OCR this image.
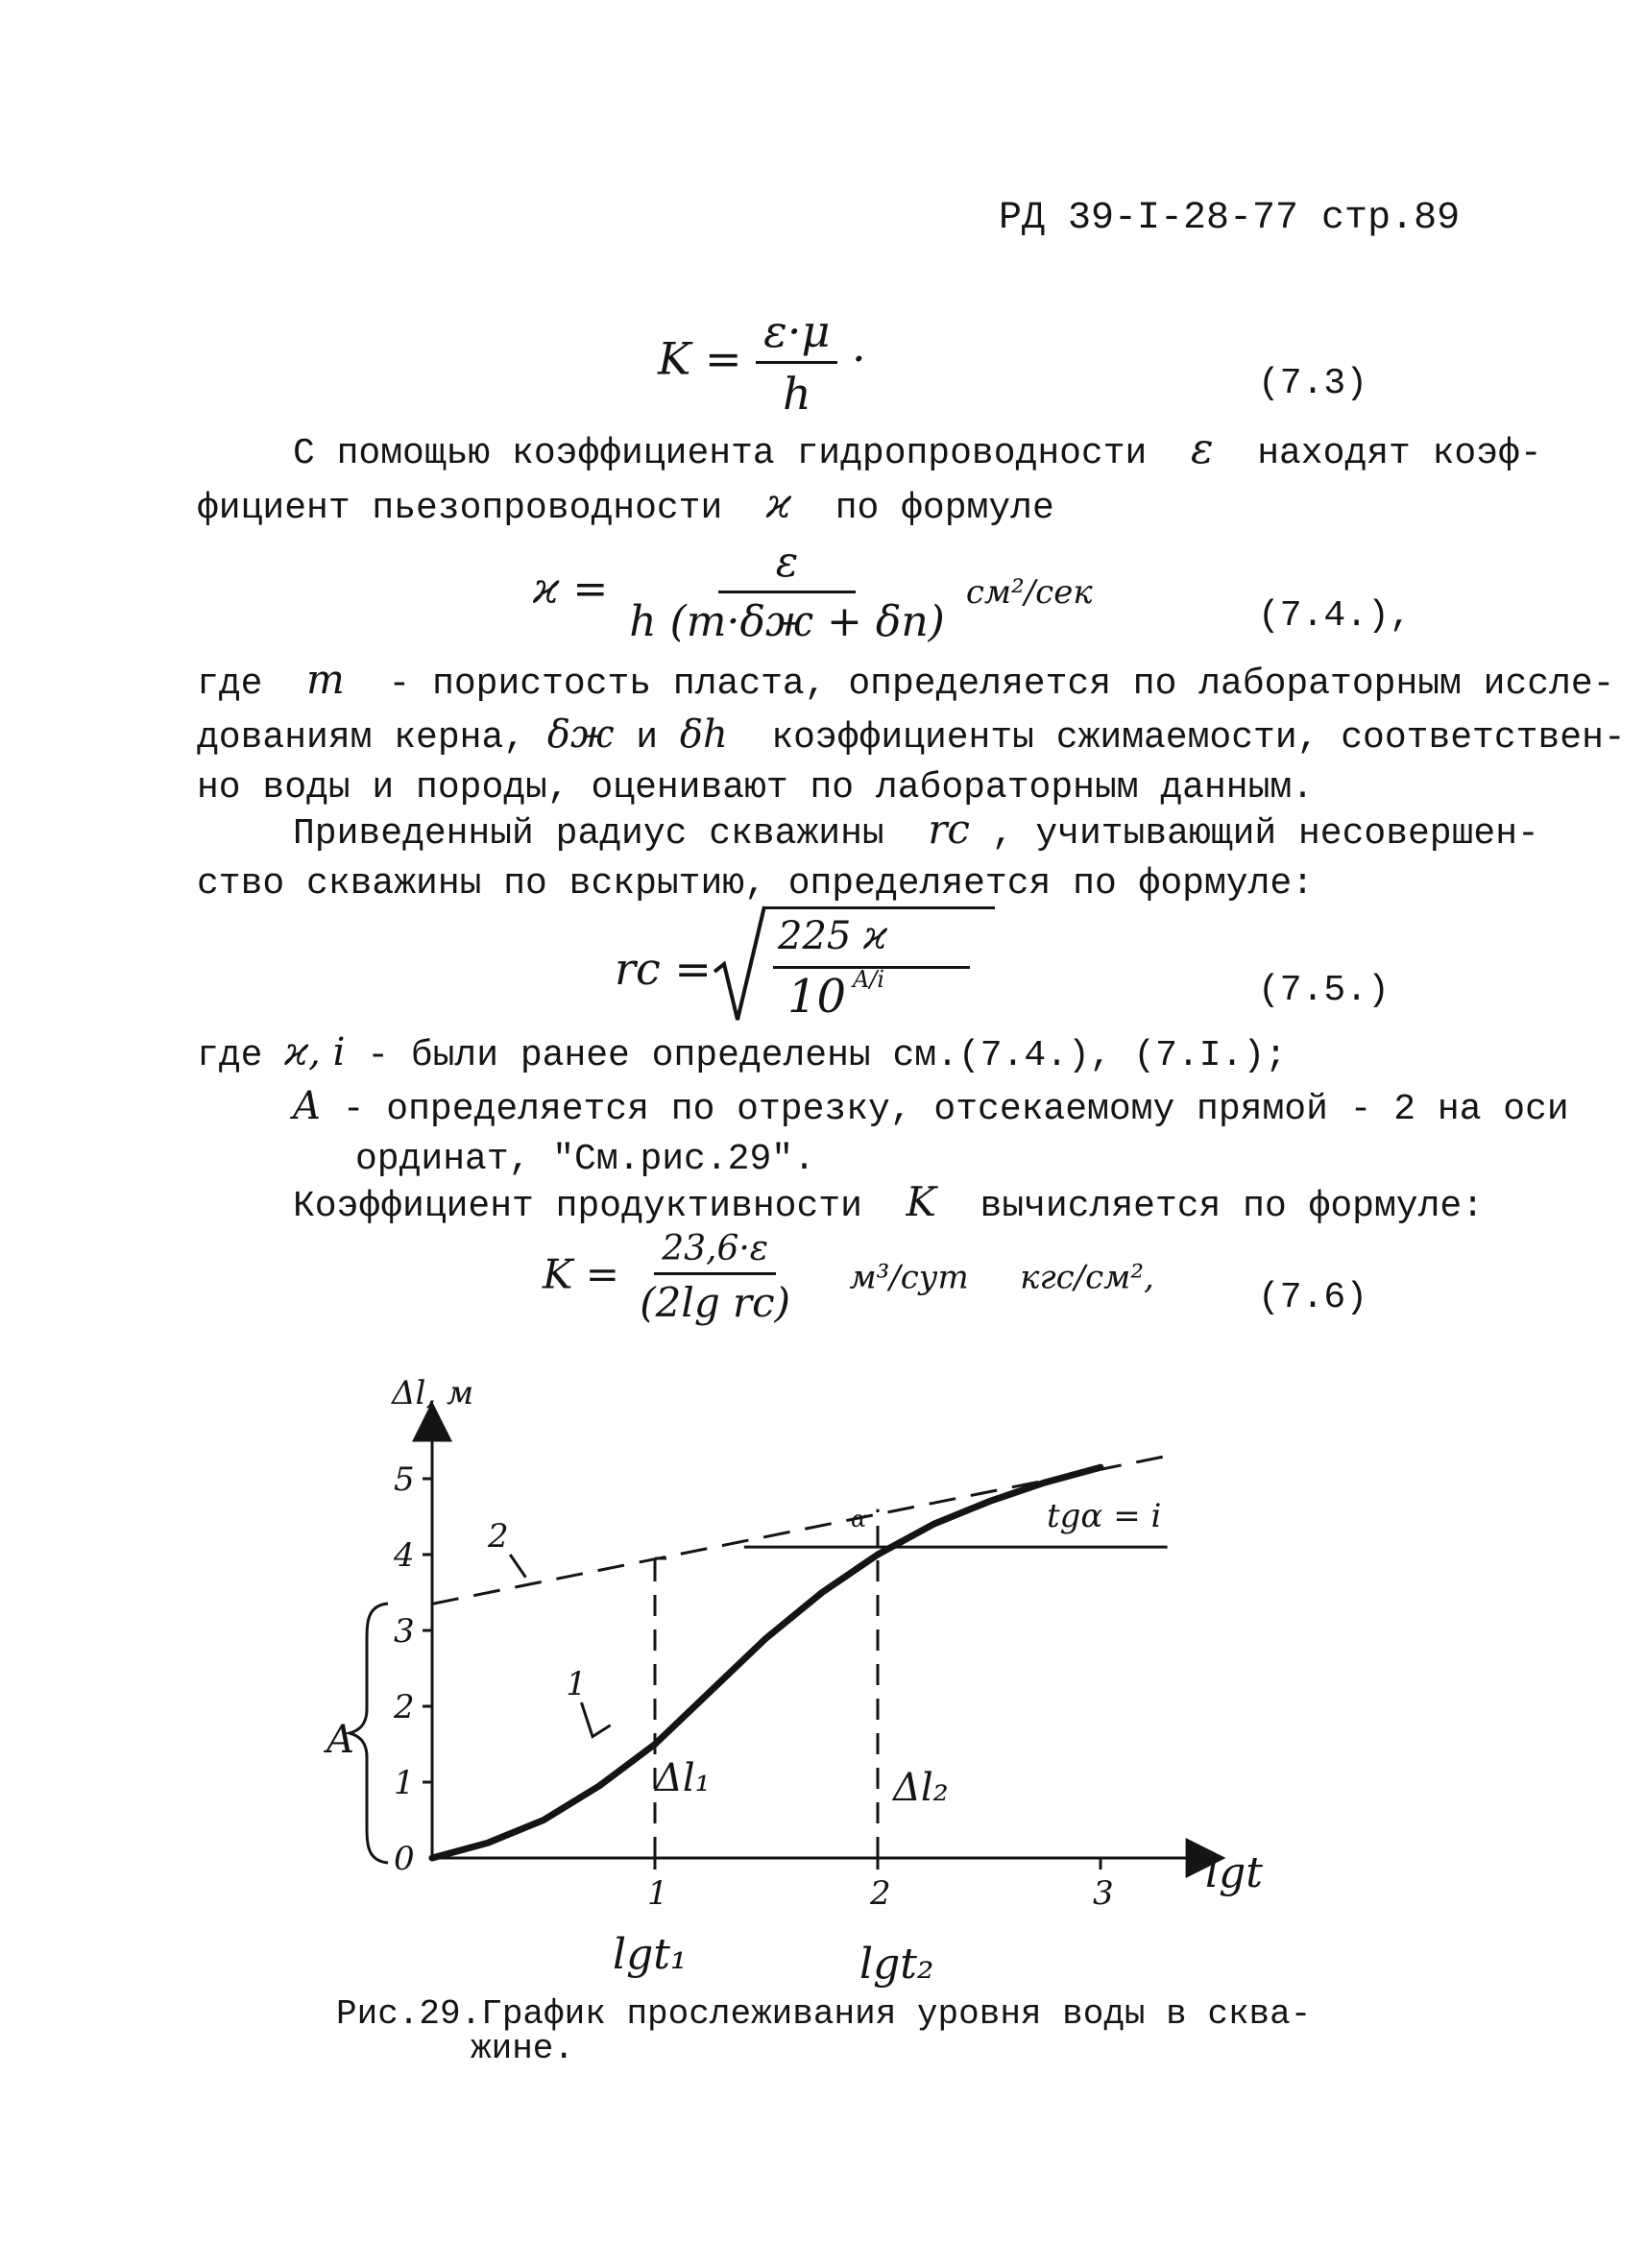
РД 39-I-28-77 стр.89
$K = \frac{\varepsilon\cdot\mu}{h}$ ·	(7.3)
С помощью коэффициента гидропроводности ε находят коэф-
фициент пьезопроводности ϰ по формуле
$ϰ = \frac{\varepsilon}{h (m\cdot\delta ж + \delta п)} см^2/сек$
(7.4.),
где m - пористость пласта, определяется по лабораторным иссле-
дованиям керна, δж и δh коэффициенты сжимаемости, соответствен-
но воды и породы, оценивают по лабораторным данным.
Приведенный радиус скважины rс , учитывающий несовершен-
ство скважины по вскрытию, определяется по формуле:
rс =
225 ϰ
10 A/i	(7.5.)
где ϰ, i - были ранее определены см.(7.4.), (7.I.);
A - определяется по отрезку, отсекаемому прямой - 2 на оси
ординат, "См.рис.29".
Коэффициент продуктивности K вычисляется по формуле:
$K = \frac{23,6\cdot\varepsilon}{\text{(2lg rс)}} м^3/сут$ кгс/см²,	(7.6)
1	2	3
0
1
2
3
4
5
Δl, м
lgt
tgα = i
α
Δl₁	Δl₂
lgt₁	lgt₂
A
1
2
Рис.29.График прослеживания уровня воды в сква-
жине.
